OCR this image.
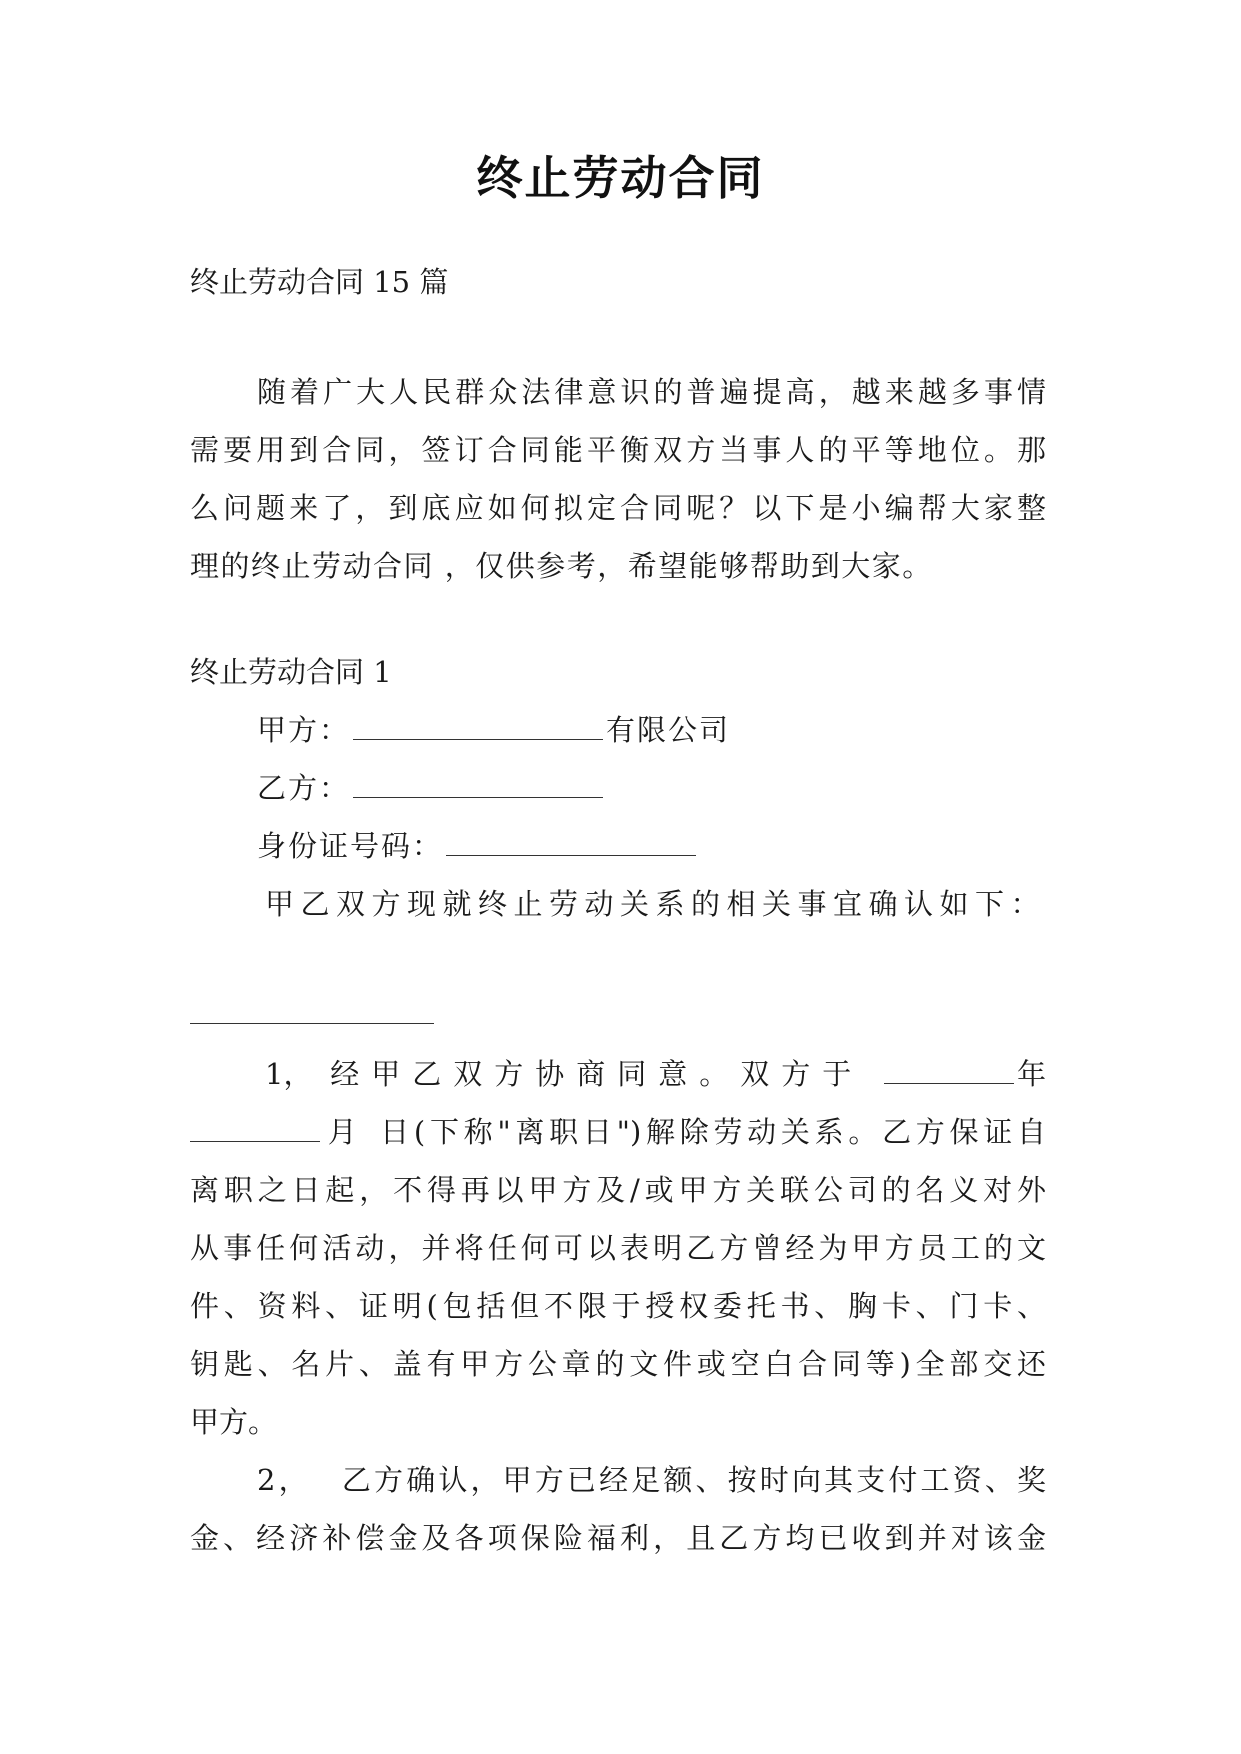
终止劳动合同
终止劳动合同 15 篇
随着广大人民群众法律意识的普遍提高，越来越多事情
需要用到合同，签订合同能平衡双方当事人的平等地位。那
么问题来了，到底应如何拟定合同呢？以下是小编帮大家整
理的终止劳动合同 ，仅供参考，希望能够帮助到大家。
终止劳动合同 1
甲方：	有限公司
乙方：
身份证号码：
甲乙双方现就终止劳动关系的相关事宜确认如下：
1， 经甲乙双方协商同意。双方于	年
月 日(下称"离职日")解除劳动关系。乙方保证自
离职之日起，不得再以甲方及/或甲方关联公司的名义对外
从事任何活动，并将任何可以表明乙方曾经为甲方员工的文
件、资料、证明(包括但不限于授权委托书、胸卡、门卡、
钥匙、名片、盖有甲方公章的文件或空白合同等)全部交还
甲方。
2， 乙方确认，甲方已经足额、按时向其支付工资、奖
金、经济补偿金及各项保险福利，且乙方均已收到并对该金
